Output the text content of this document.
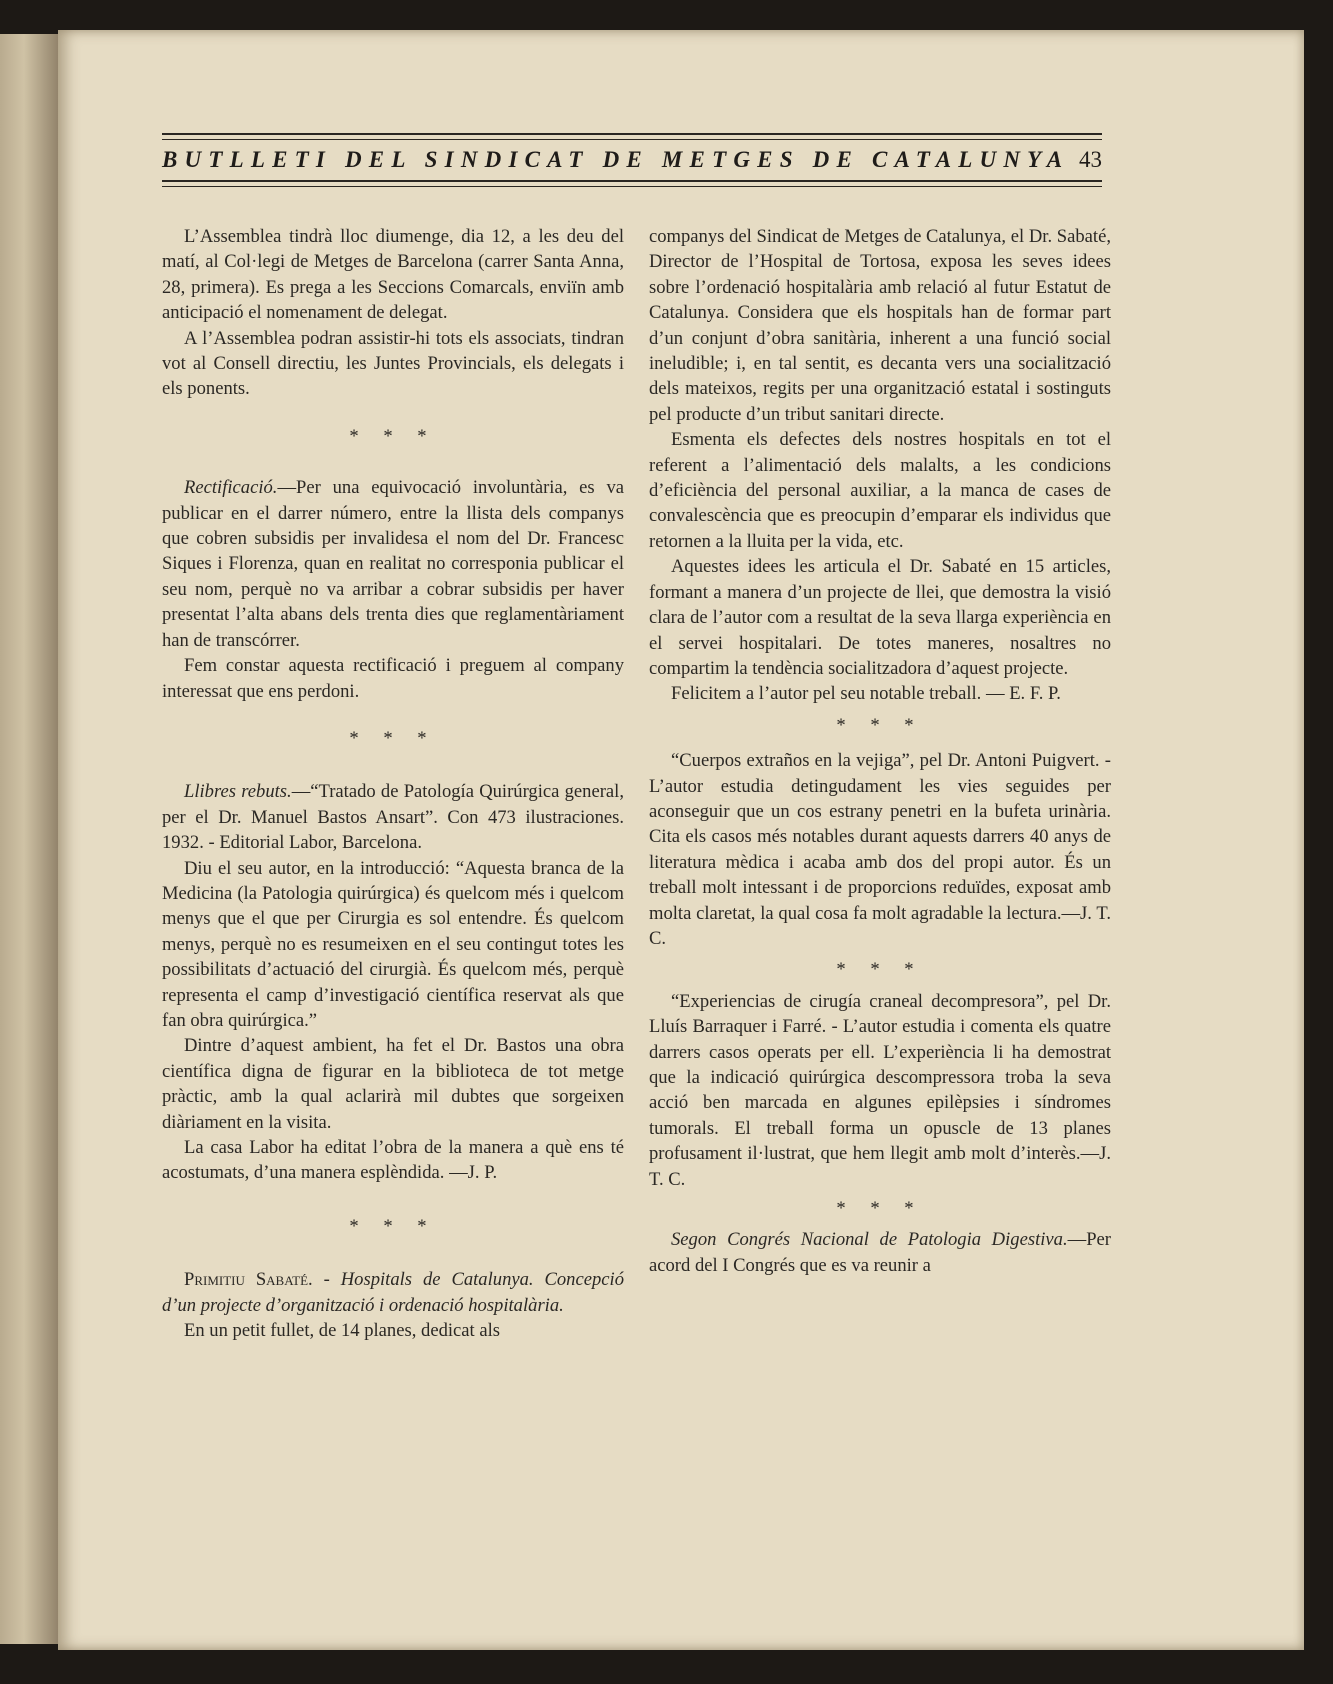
BUTLLETI DEL SINDICAT DE METGES DE CATALUNYA 43

L’Assemblea tindrà lloc diumenge, dia 12, a les deu del matí, al Col·legi de Metges de Barcelona (carrer Santa Anna, 28, primera). Es prega a les Seccions Comarcals, enviïn amb anticipació el nomenament de delegat.

A l’Assemblea podran assistir-hi tots els associats, tindran vot al Consell directiu, les Juntes Provincials, els delegats i els ponents.

* * *

Rectificació.—Per una equivocació involuntària, es va publicar en el darrer número, entre la llista dels companys que cobren subsidis per invalidesa el nom del Dr. Francesc Siques i Florenza, quan en realitat no corresponia publicar el seu nom, perquè no va arribar a cobrar subsidis per haver presentat l’alta abans dels trenta dies que reglamentàriament han de transcórrer.

Fem constar aquesta rectificació i preguem al company interessat que ens perdoni.

* * *

Llibres rebuts.—“Tratado de Patología Quirúrgica general, per el Dr. Manuel Bastos Ansart”. Con 473 ilustraciones. 1932. - Editorial Labor, Barcelona.

Diu el seu autor, en la introducció: “Aquesta branca de la Medicina (la Patologia quirúrgica) és quelcom més i quelcom menys que el que per Cirurgia es sol entendre. És quelcom menys, perquè no es resumeixen en el seu contingut totes les possibilitats d’actuació del cirurgià. És quelcom més, perquè representa el camp d’investigació científica reservat als que fan obra quirúrgica.”

Dintre d’aquest ambient, ha fet el Dr. Bastos una obra científica digna de figurar en la biblioteca de tot metge pràctic, amb la qual aclarirà mil dubtes que sorgeixen diàriament en la visita.

La casa Labor ha editat l’obra de la manera a què ens té acostumats, d’una manera esplèndida. —J. P.

* * *

Primitiu Sabaté. - Hospitals de Catalunya. Concepció d’un projecte d’organització i ordenació hospitalària.

En un petit fullet, de 14 planes, dedicat als

companys del Sindicat de Metges de Catalunya, el Dr. Sabaté, Director de l’Hospital de Tortosa, exposa les seves idees sobre l’ordenació hospitalària amb relació al futur Estatut de Catalunya. Considera que els hospitals han de formar part d’un conjunt d’obra sanitària, inherent a una funció social ineludible; i, en tal sentit, es decanta vers una socialització dels mateixos, regits per una organització estatal i sostinguts pel producte d’un tribut sanitari directe.

Esmenta els defectes dels nostres hospitals en tot el referent a l’alimentació dels malalts, a les condicions d’eficiència del personal auxiliar, a la manca de cases de convalescència que es preocupin d’emparar els individus que retornen a la lluita per la vida, etc.

Aquestes idees les articula el Dr. Sabaté en 15 articles, formant a manera d’un projecte de llei, que demostra la visió clara de l’autor com a resultat de la seva llarga experiència en el servei hospitalari. De totes maneres, nosaltres no compartim la tendència socialitzadora d’aquest projecte.

Felicitem a l’autor pel seu notable treball. — E. F. P.

* * *

“Cuerpos extraños en la vejiga”, pel Dr. Antoni Puigvert. - L’autor estudia detingudament les vies seguides per aconseguir que un cos estrany penetri en la bufeta urinària. Cita els casos més notables durant aquests darrers 40 anys de literatura mèdica i acaba amb dos del propi autor. És un treball molt intessant i de proporcions reduïdes, exposat amb molta claretat, la qual cosa fa molt agradable la lectura.—J. T. C.

* * *

“Experiencias de cirugía craneal decompresora”, pel Dr. Lluís Barraquer i Farré. - L’autor estudia i comenta els quatre darrers casos operats per ell. L’experiència li ha demostrat que la indicació quirúrgica descompressora troba la seva acció ben marcada en algunes epilèpsies i síndromes tumorals. El treball forma un opuscle de 13 planes profusament il·lustrat, que hem llegit amb molt d’interès.—J. T. C.

* * *

Segon Congrés Nacional de Patologia Digestiva.—Per acord del I Congrés que es va reunir a
